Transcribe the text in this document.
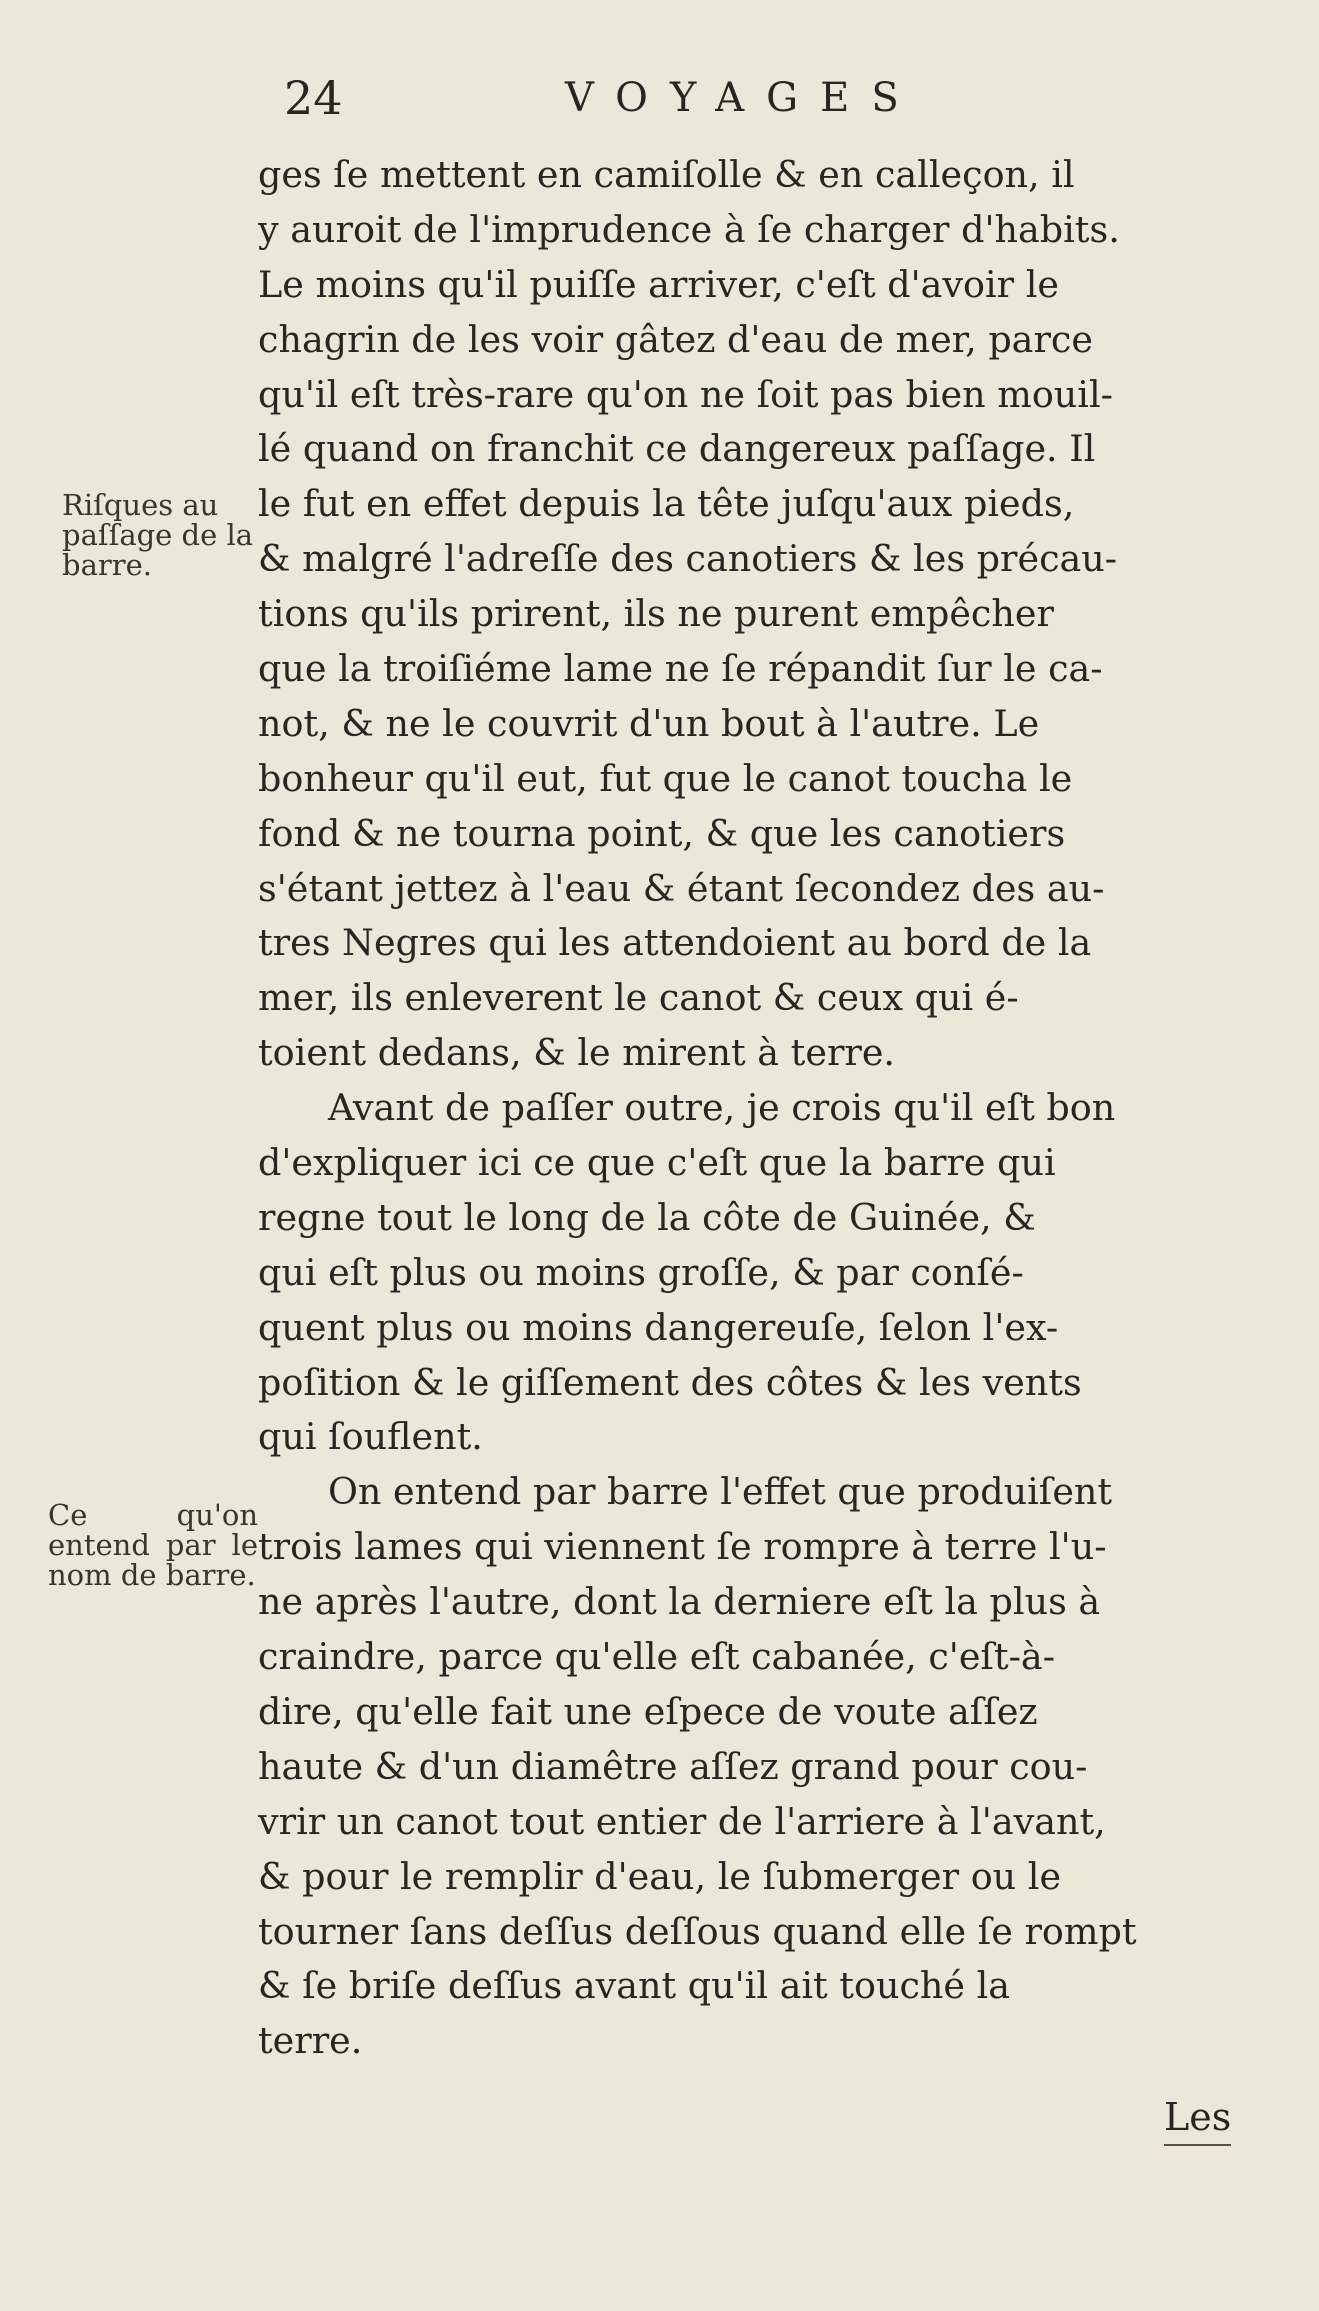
24	VOYAGES
Riſques au paſſage de la barre.
Ce qu'on entend par le nom de barre.
ges ſe mettent en camiſolle & en calleçon, il
y auroit de l'imprudence à ſe charger d'habits.
Le moins qu'il puiſſe arriver, c'eſt d'avoir le
chagrin de les voir gâtez d'eau de mer, parce
qu'il eſt très-rare qu'on ne ſoit pas bien mouil-
lé quand on franchit ce dangereux paſſage. Il
le fut en effet depuis la tête juſqu'aux pieds,
& malgré l'adreſſe des canotiers & les précau-
tions qu'ils prirent, ils ne purent empêcher
que la troiſiéme lame ne ſe répandit ſur le ca-
not, & ne le couvrit d'un bout à l'autre. Le
bonheur qu'il eut, fut que le canot toucha le
fond & ne tourna point, & que les canotiers
s'étant jettez à l'eau & étant ſecondez des au-
tres Negres qui les attendoient au bord de la
mer, ils enleverent le canot & ceux qui é-
toient dedans, & le mirent à terre.
Avant de paſſer outre, je crois qu'il eſt bon
d'expliquer ici ce que c'eſt que la barre qui
regne tout le long de la côte de Guinée, &
qui eſt plus ou moins groſſe, & par conſé-
quent plus ou moins dangereuſe, ſelon l'ex-
poſition & le giſſement des côtes & les vents
qui ſouflent.
On entend par barre l'effet que produiſent
trois lames qui viennent ſe rompre à terre l'u-
ne après l'autre, dont la derniere eſt la plus à
craindre, parce qu'elle eſt cabanée, c'eſt-à-
dire, qu'elle fait une eſpece de voute aſſez
haute & d'un diamêtre aſſez grand pour cou-
vrir un canot tout entier de l'arriere à l'avant,
& pour le remplir d'eau, le ſubmerger ou le
tourner ſans deſſus deſſous quand elle ſe rompt
& ſe briſe deſſus avant qu'il ait touché la
terre.
Les
